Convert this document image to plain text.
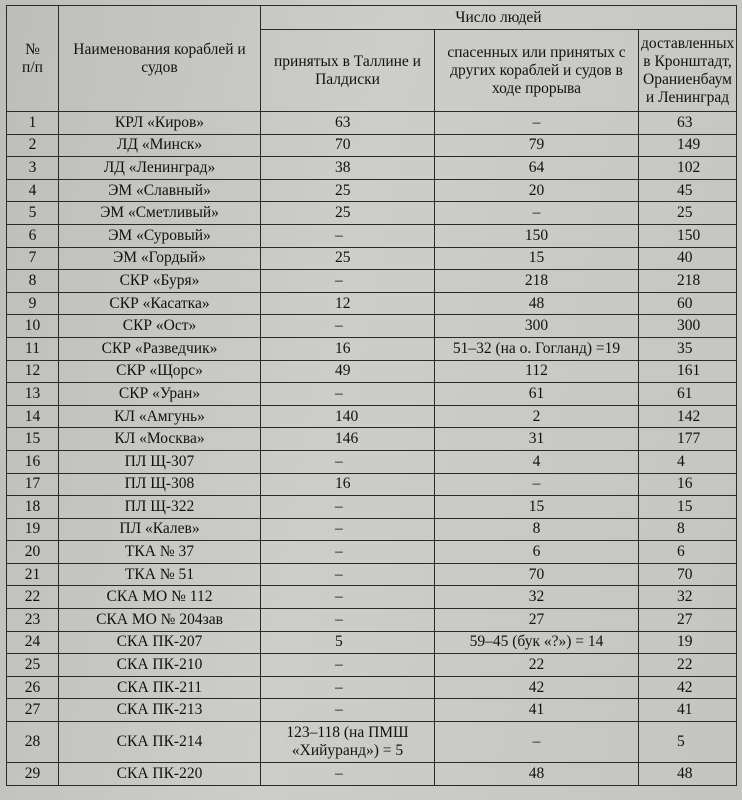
№
п/п	Наименования кораблей и судов	Число людей		
		принятых в Таллине и Палдиски	спасенных или принятых с других кораблей и судов в ходе прорыва	доставленных в Кронштадт, Ораниенбаум и Ленинград
1	КРЛ «Киров»	63	–	63
2	ЛД «Минск»	70	79	149
3	ЛД «Ленинград»	38	64	102
4	ЭМ «Славный»	25	20	45
5	ЭМ «Сметливый»	25	–	25
6	ЭМ «Суровый»	–	150	150
7	ЭМ «Гордый»	25	15	40
8	СКР «Буря»	–	218	218
9	СКР «Касатка»	12	48	60
10	СКР «Ост»	–	300	300
11	СКР «Разведчик»	16	51–32 (на о. Гогланд) =19	35
12	СКР «Щорс»	49	112	161
13	СКР «Уран»	–	61	61
14	КЛ «Амгунь»	140	2	142
15	КЛ «Москва»	146	31	177
16	ПЛ Щ-307	–	4	4
17	ПЛ Щ-308	16	–	16
18	ПЛ Щ-322	–	15	15
19	ПЛ «Калев»	–	8	8
20	ТКА № 37	–	6	6
21	ТКА № 51	–	70	70
22	СКА МО № 112	–	32	32
23	СКА МО № 204зав	–	27	27
24	СКА ПК-207	5	59–45 (бук «?») = 14	19
25	СКА ПК-210	–	22	22
26	СКА ПК-211	–	42	42
27	СКА ПК-213	–	41	41
28	СКА ПК-214	123–118 (на ПМШ «Хийуранд») = 5	–	5
29	СКА ПК-220	–	48	48
